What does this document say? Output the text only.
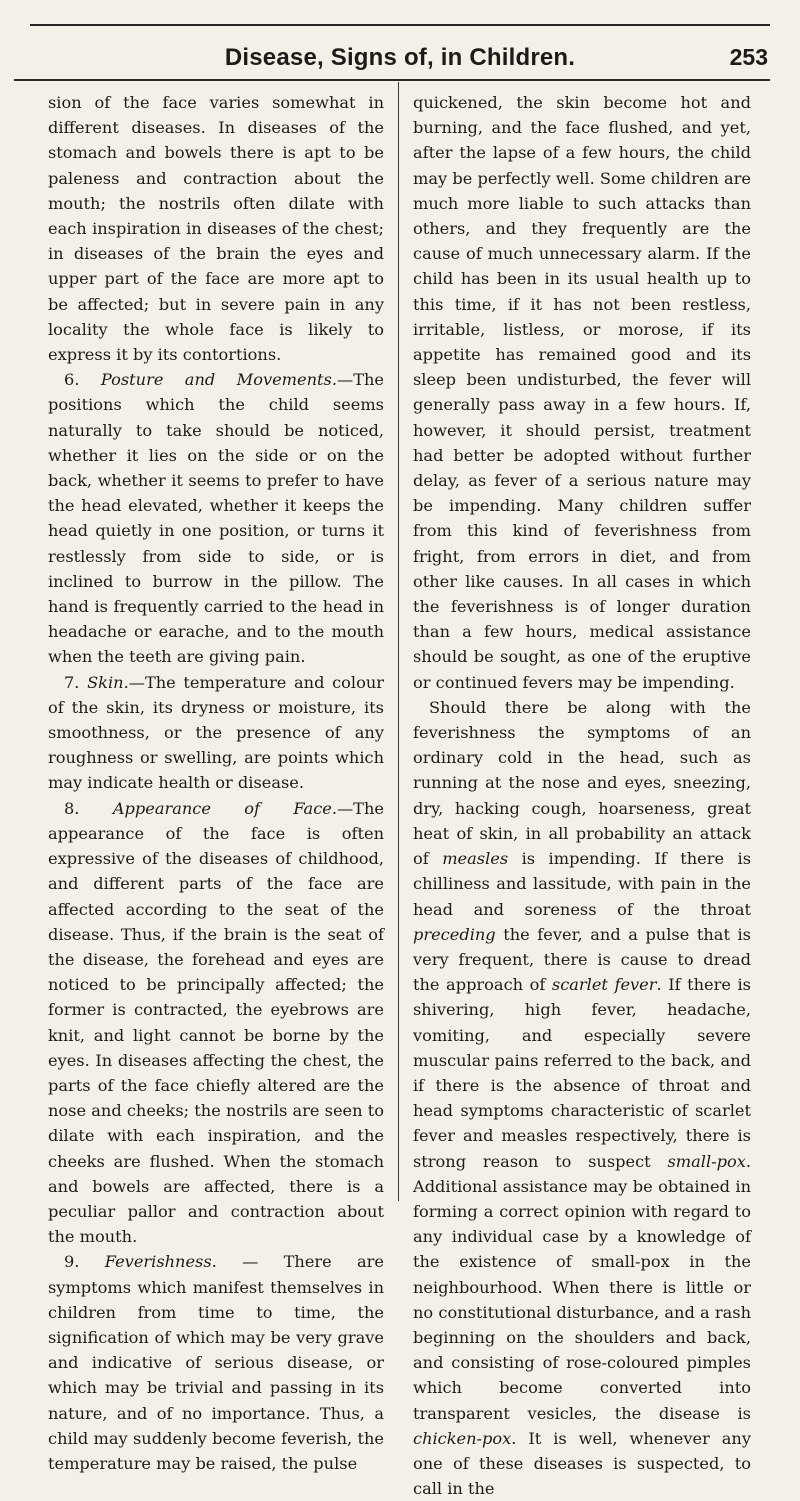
Disease, Signs of, in Children.	253

sion of the face varies somewhat in different diseases. In diseases of the stomach and bowels there is apt to be paleness and contraction about the mouth; the nostrils often dilate with each inspiration in diseases of the chest; in diseases of the brain the eyes and upper part of the face are more apt to be affected; but in severe pain in any locality the whole face is likely to express it by its contortions.

6. Posture and Movements.—The positions which the child seems naturally to take should be noticed, whether it lies on the side or on the back, whether it seems to prefer to have the head elevated, whether it keeps the head quietly in one position, or turns it restlessly from side to side, or is inclined to burrow in the pillow. The hand is frequently carried to the head in headache or earache, and to the mouth when the teeth are giving pain.

7. Skin.—The temperature and colour of the skin, its dryness or moisture, its smoothness, or the presence of any roughness or swelling, are points which may indicate health or disease.

8. Appearance of Face.—The appearance of the face is often expressive of the diseases of childhood, and different parts of the face are affected according to the seat of the disease. Thus, if the brain is the seat of the disease, the forehead and eyes are noticed to be principally affected; the former is contracted, the eyebrows are knit, and light cannot be borne by the eyes. In diseases affecting the chest, the parts of the face chiefly altered are the nose and cheeks; the nostrils are seen to dilate with each inspiration, and the cheeks are flushed. When the stomach and bowels are affected, there is a peculiar pallor and contraction about the mouth.

9. Feverishness. — There are symptoms which manifest themselves in children from time to time, the signification of which may be very grave and indicative of serious disease, or which may be trivial and passing in its nature, and of no importance. Thus, a child may suddenly become feverish, the temperature may be raised, the pulse

quickened, the skin become hot and burning, and the face flushed, and yet, after the lapse of a few hours, the child may be perfectly well. Some children are much more liable to such attacks than others, and they frequently are the cause of much unnecessary alarm. If the child has been in its usual health up to this time, if it has not been restless, irritable, listless, or morose, if its appetite has remained good and its sleep been undisturbed, the fever will generally pass away in a few hours. If, however, it should persist, treatment had better be adopted without further delay, as fever of a serious nature may be impending. Many children suffer from this kind of feverishness from fright, from errors in diet, and from other like causes. In all cases in which the feverishness is of longer duration than a few hours, medical assistance should be sought, as one of the eruptive or continued fevers may be impending.

Should there be along with the feverishness the symptoms of an ordinary cold in the head, such as running at the nose and eyes, sneezing, dry, hacking cough, hoarseness, great heat of skin, in all probability an attack of measles is impending. If there is chilliness and lassitude, with pain in the head and soreness of the throat preceding the fever, and a pulse that is very frequent, there is cause to dread the approach of scarlet fever. If there is shivering, high fever, headache, vomiting, and especially severe muscular pains referred to the back, and if there is the absence of throat and head symptoms characteristic of scarlet fever and measles respectively, there is strong reason to suspect small-pox. Additional assistance may be obtained in forming a correct opinion with regard to any individual case by a knowledge of the existence of small-pox in the neighbourhood. When there is little or no constitutional disturbance, and a rash beginning on the shoulders and back, and consisting of rose-coloured pimples which become converted into transparent vesicles, the disease is chicken-pox. It is well, whenever any one of these diseases is suspected, to call in the
